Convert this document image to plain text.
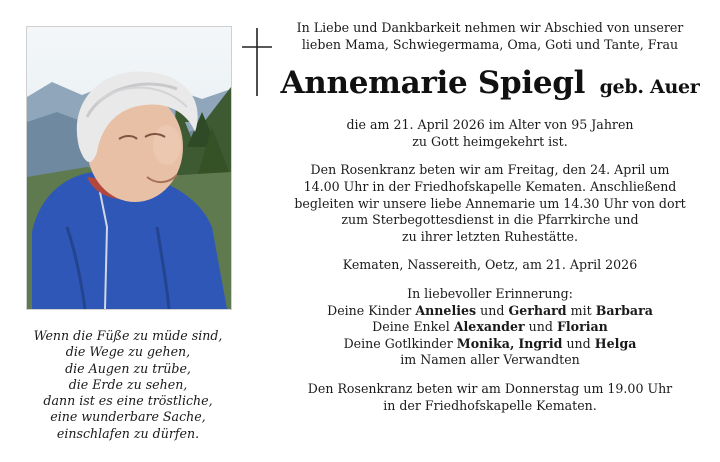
Wenn die Füße zu müde sind,
die Wege zu gehen,
die Augen zu trübe,
die Erde zu sehen,
dann ist es eine tröstliche,
eine wunderbare Sache,
einschlafen zu dürfen.
In Liebe und Dankbarkeit nehmen wir Abschied von unserer
lieben Mama, Schwiegermama, Oma, Goti und Tante, Frau
Annemarie Spiegl geb. Auer
die am 21. April 2026 im Alter von 95 Jahren
zu Gott heimgekehrt ist.
Den Rosenkranz beten wir am Freitag, den 24. April um
14.00 Uhr in der Friedhofskapelle Kematen. Anschließend
begleiten wir unsere liebe Annemarie um 14.30 Uhr von dort
zum Sterbegottesdienst in die Pfarrkirche und
zu ihrer letzten Ruhestätte.
Kematen, Nassereith, Oetz, am 21. April 2026
In liebevoller Erinnerung:
Deine Kinder Annelies und Gerhard mit Barbara
Deine Enkel Alexander und Florian
Deine Gotlkinder Monika, Ingrid und Helga
im Namen aller Verwandten
Den Rosenkranz beten wir am Donnerstag um 19.00 Uhr
in der Friedhofskapelle Kematen.
